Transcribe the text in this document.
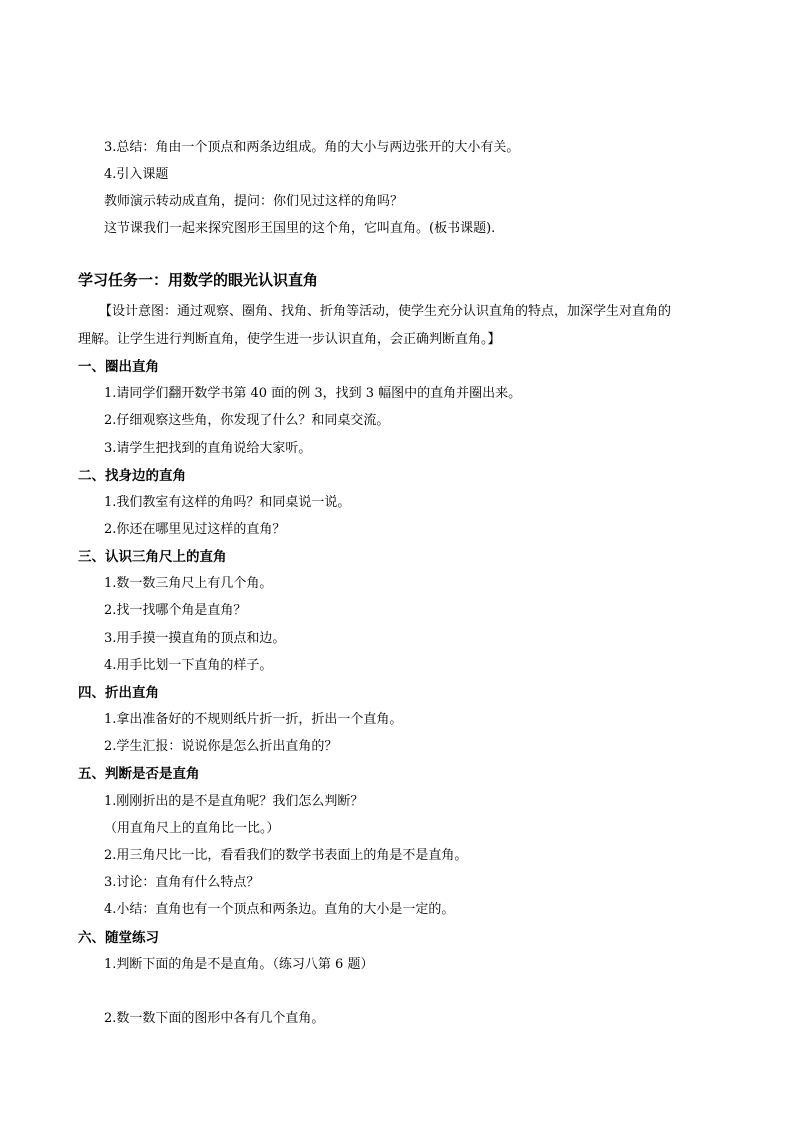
3.总结：角由一个顶点和两条边组成。角的大小与两边张开的大小有关。
4.引入课题
教师演示转动成直角，提问：你们见过这样的角吗？
这节课我们一起来探究图形王国里的这个角，它叫直角。(板书课题).
学习任务一：用数学的眼光认识直角
【设计意图：通过观察、圈角、找角、折角等活动，使学生充分认识直角的特点，加深学生对直角的
理解。让学生进行判断直角，使学生进一步认识直角，会正确判断直角。】
一、圈出直角
1.请同学们翻开数学书第 40 面的例 3，找到 3 幅图中的直角并圈出来。
2.仔细观察这些角，你发现了什么？和同桌交流。
3.请学生把找到的直角说给大家听。
二、找身边的直角
1.我们教室有这样的角吗？和同桌说一说。
2.你还在哪里见过这样的直角？
三、认识三角尺上的直角
1.数一数三角尺上有几个角。
2.找一找哪个角是直角？
3.用手摸一摸直角的顶点和边。
4.用手比划一下直角的样子。
四、折出直角
1.拿出准备好的不规则纸片折一折，折出一个直角。
2.学生汇报：说说你是怎么折出直角的？
五、判断是否是直角
1.刚刚折出的是不是直角呢？我们怎么判断？
（用直角尺上的直角比一比。）
2.用三角尺比一比，看看我们的数学书表面上的角是不是直角。
3.讨论：直角有什么特点？
4.小结：直角也有一个顶点和两条边。直角的大小是一定的。
六、随堂练习
1.判断下面的角是不是直角。（练习八第 6 题）
2.数一数下面的图形中各有几个直角。
